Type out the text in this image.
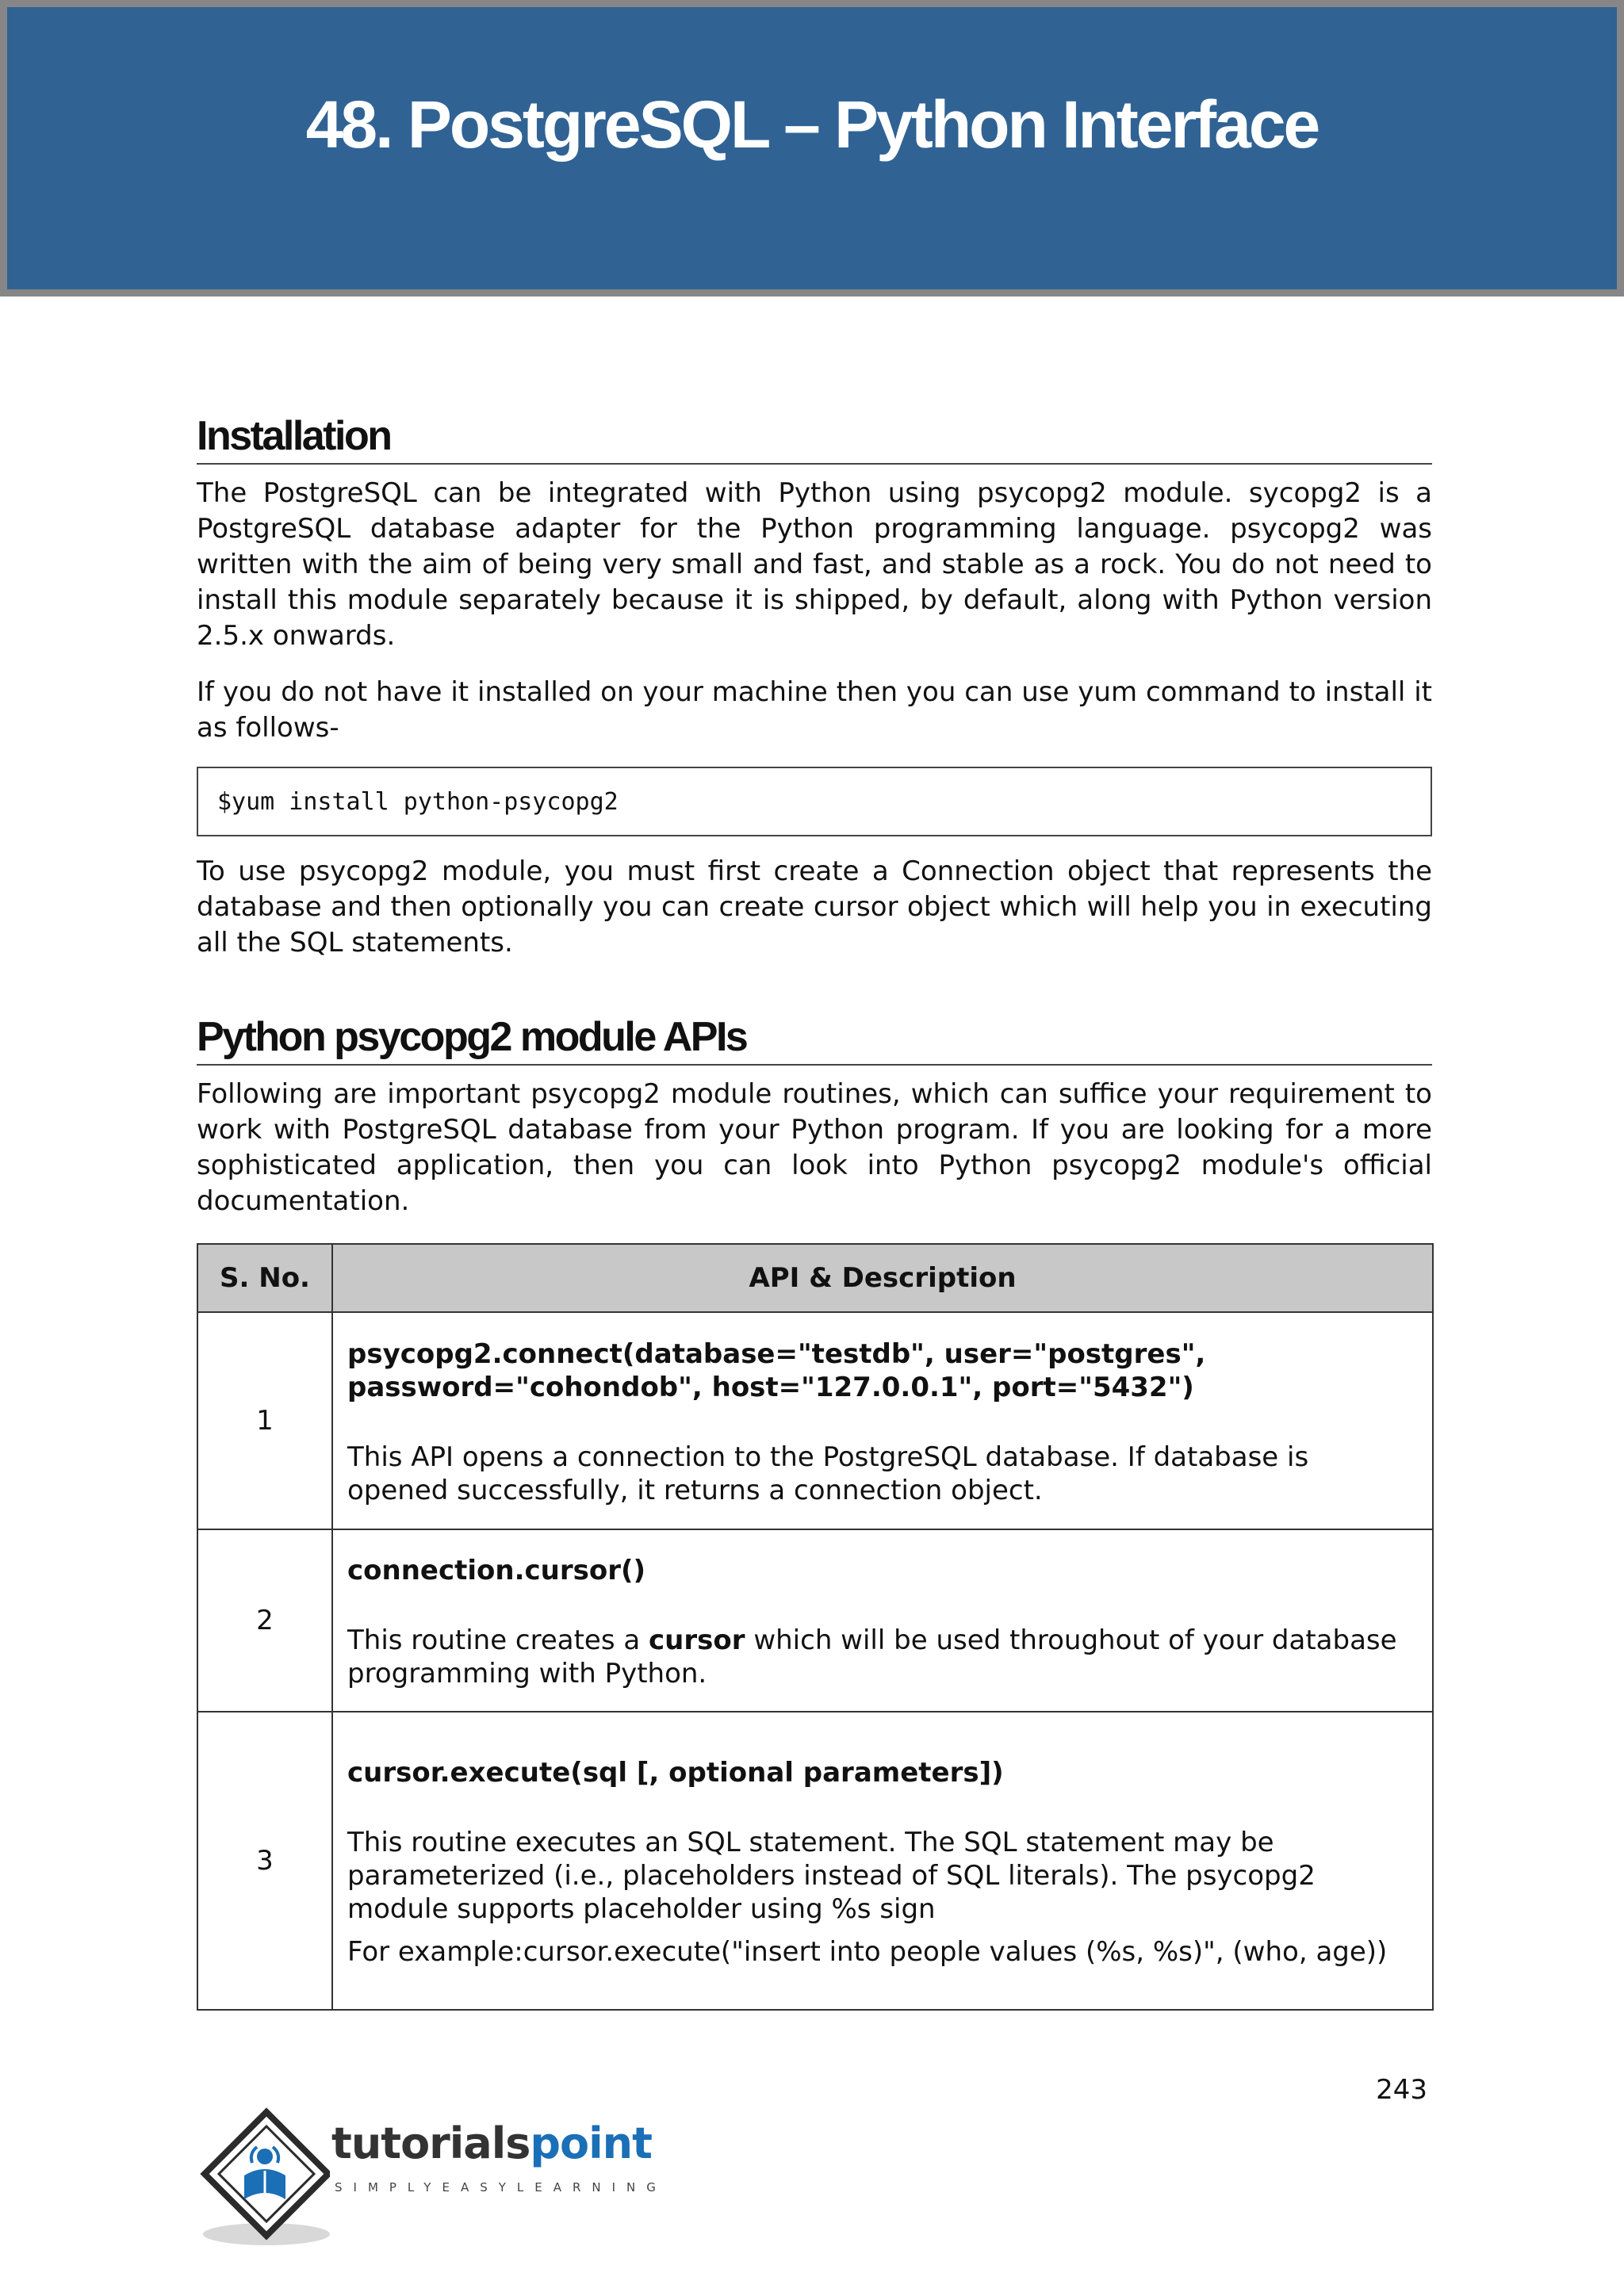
48. PostgreSQL – Python Interface
Installation

The PostgreSQL can be integrated with Python using psycopg2 module. sycopg2 is a PostgreSQL database adapter for the Python programming language. psycopg2 was written with the aim of being very small and fast, and stable as a rock. You do not need to install this module separately because it is shipped, by default, along with Python version 2.5.x onwards.

If you do not have it installed on your machine then you can use yum command to install it as follows-

$yum install python-psycopg2

To use psycopg2 module, you must first create a Connection object that represents the database and then optionally you can create cursor object which will help you in executing all the SQL statements.

Python psycopg2 module APIs

Following are important psycopg2 module routines, which can suffice your requirement to work with PostgreSQL database from your Python program. If you are looking for a more sophisticated application, then you can look into Python psycopg2 module's official documentation.

S. No.	API & Description
1	psycopg2.connect(database="testdb", user="postgres", password="cohondob", host="127.0.0.1", port="5432")

This API opens a connection to the PostgreSQL database. If database is opened successfully, it returns a connection object.

2	connection.cursor()

This routine creates a cursor which will be used throughout of your database programming with Python.

3	cursor.execute(sql [, optional parameters])

This routine executes an SQL statement. The SQL statement may be parameterized (i.e., placeholders instead of SQL literals). The psycopg2 module supports placeholder using %s sign

For example:cursor.execute("insert into people values (%s, %s)", (who, age))

243
tutorialspoint
SIMPLYEASYLEARNING
